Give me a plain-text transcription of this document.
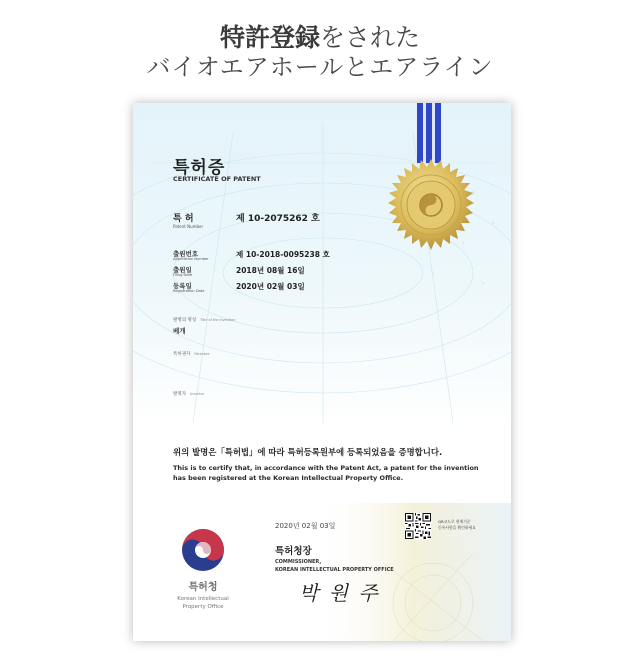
特許登録をされた
バイオエアホールとエアライン
특허증
CERTIFICATE OF PATENT
특 허
Patent Number
제 10-2075262 호
출원번호
Application Number	제 10-2018-0095238 호
출원일
Filing Date	2018년 08월 16일
등록일
Registration Date	2020년 02월 03일
발명의 명칭 Title of the Invention
베개
특허권자 Patentee
발명자 Inventor
위의 발명은「특허법」에 따라 특허등록원부에 등록되었음을 증명합니다.
This is to certify that, in accordance with the Patent Act, a patent for the invention
has been registered at the Korean Intellectual Property Office.
2020년 02월 03일
QR코드로 현재기준
등록사항을 확인하세요
특허청장
COMMISSIONER,
KOREAN INTELLECTUAL PROPERTY OFFICE
박 원 주
특허청
Korean Intellectual
Property Office
